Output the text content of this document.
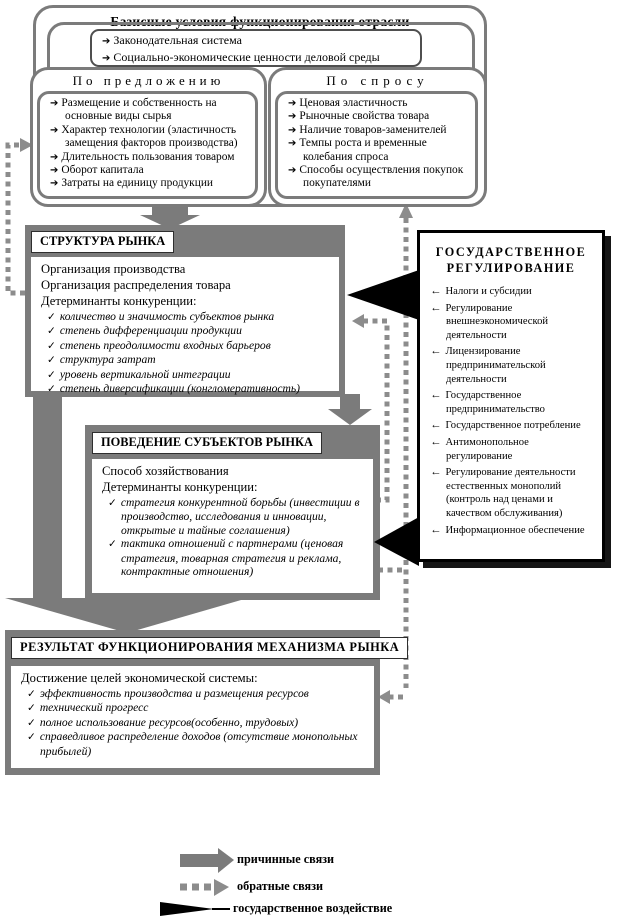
Базисные условия функционирования отрасли
➔ Законодательная система
➔ Социально-экономические ценности деловой среды
По предложению
➔ Размещение и собственность на основные виды сырья
➔ Характер технологии (эластичность замещения факторов производства)
➔ Длительность пользования товаром
➔ Оборот капитала
➔ Затраты на единицу продукции
По спросу
➔ Ценовая эластичность
➔ Рыночные свойства товара
➔ Наличие товаров-заменителей
➔ Темпы роста и временные колебания спроса
➔ Способы осуществления покупок покупателями
СТРУКТУРА РЫНКА
Организация производства
Организация распределения товара
Детерминанты конкуренции:
✓ количество и значимость субъектов рынка
✓ степень дифференциации продукции
✓ степень преодолимости входных барьеров
✓ структура затрат
✓ уровень вертикальной интеграции
✓ степень диверсификации (конгломеративность)
ГОСУДАРСТВЕННОЕ
РЕГУЛИРОВАНИЕ
← Налоги и субсидии
← Регулирование внешнеэкономической деятельности
← Лицензирование предпринимательской деятельности
← Государственное предпринимательство
← Государственное потребление
← Антимонопольное регулирование
← Регулирование деятельности естественных монополий (контроль над ценами и качеством обслуживания)
← Информационное обеспечение
ПОВЕДЕНИЕ СУБЪЕКТОВ РЫНКА
Способ хозяйствования
Детерминанты конкуренции:
✓ стратегия конкурентной борьбы (инвестиции в производство, исследования и инновации, открытые и тайные соглашения)
✓ тактика отношений с партнерами (ценовая стратегия, товарная стратегия и реклама, контрактные отношения)
РЕЗУЛЬТАТ ФУНКЦИОНИРОВАНИЯ МЕХАНИЗМА РЫНКА
Достижение целей экономической системы:
✓ эффективность производства и размещения ресурсов
✓ технический прогресс
✓ полное использование ресурсов(особенно, трудовых)
✓ справедливое распределение доходов (отсутствие монопольных прибылей)
причинные связи
обратные связи
государственное воздействие
